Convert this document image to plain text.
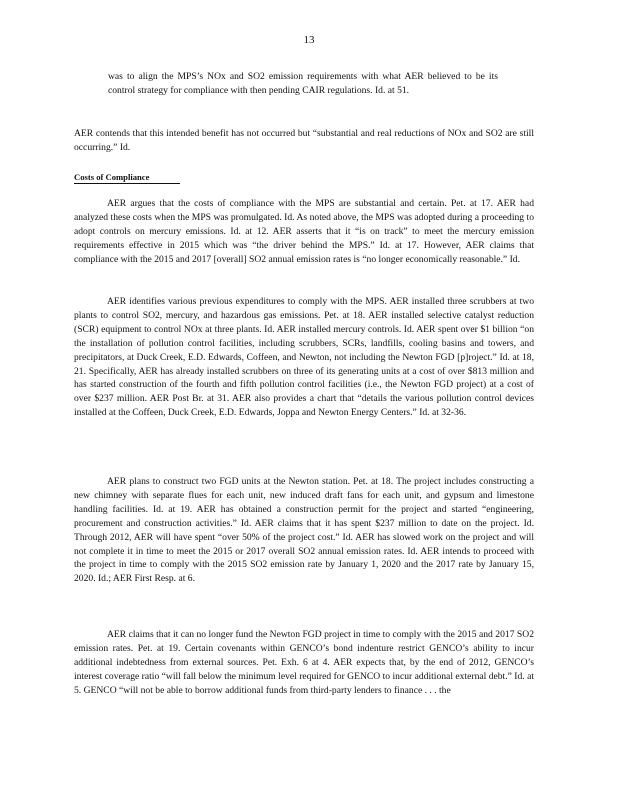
13

was to align the MPS’s NOx and SO2 emission requirements with what AER believed to be its control strategy for compliance with then pending CAIR regulations. Id. at 51.

AER contends that this intended benefit has not occurred but “substantial and real reductions of NOx and SO2 are still occurring.” Id.

Costs of Compliance

AER argues that the costs of compliance with the MPS are substantial and certain. Pet. at 17. AER had analyzed these costs when the MPS was promulgated. Id. As noted above, the MPS was adopted during a proceeding to adopt controls on mercury emissions. Id. at 12. AER asserts that it “is on track” to meet the mercury emission requirements effective in 2015 which was “the driver behind the MPS.” Id. at 17. However, AER claims that compliance with the 2015 and 2017 [overall] SO2 annual emission rates is “no longer economically reasonable.” Id.

AER identifies various previous expenditures to comply with the MPS. AER installed three scrubbers at two plants to control SO2, mercury, and hazardous gas emissions. Pet. at 18. AER installed selective catalyst reduction (SCR) equipment to control NOx at three plants. Id. AER installed mercury controls. Id. AER spent over $1 billion “on the installation of pollution control facilities, including scrubbers, SCRs, landfills, cooling basins and towers, and precipitators, at Duck Creek, E.D. Edwards, Coffeen, and Newton, not including the Newton FGD [p]roject.” Id. at 18, 21. Specifically, AER has already installed scrubbers on three of its generating units at a cost of over $813 million and has started construction of the fourth and fifth pollution control facilities (i.e., the Newton FGD project) at a cost of over $237 million. AER Post Br. at 31. AER also provides a chart that “details the various pollution control devices installed at the Coffeen, Duck Creek, E.D. Edwards, Joppa and Newton Energy Centers.” Id. at 32-36.

AER plans to construct two FGD units at the Newton station. Pet. at 18. The project includes constructing a new chimney with separate flues for each unit, new induced draft fans for each unit, and gypsum and limestone handling facilities. Id. at 19. AER has obtained a construction permit for the project and started “engineering, procurement and construction activities.” Id. AER claims that it has spent $237 million to date on the project. Id. Through 2012, AER will have spent “over 50% of the project cost.” Id. AER has slowed work on the project and will not complete it in time to meet the 2015 or 2017 overall SO2 annual emission rates. Id. AER intends to proceed with the project in time to comply with the 2015 SO2 emission rate by January 1, 2020 and the 2017 rate by January 15, 2020. Id.; AER First Resp. at 6.

AER claims that it can no longer fund the Newton FGD project in time to comply with the 2015 and 2017 SO2 emission rates. Pet. at 19. Certain covenants within GENCO’s bond indenture restrict GENCO’s ability to incur additional indebtedness from external sources. Pet. Exh. 6 at 4. AER expects that, by the end of 2012, GENCO’s interest coverage ratio “will fall below the minimum level required for GENCO to incur additional external debt.” Id. at 5. GENCO “will not be able to borrow additional funds from third-party lenders to finance . . . the
